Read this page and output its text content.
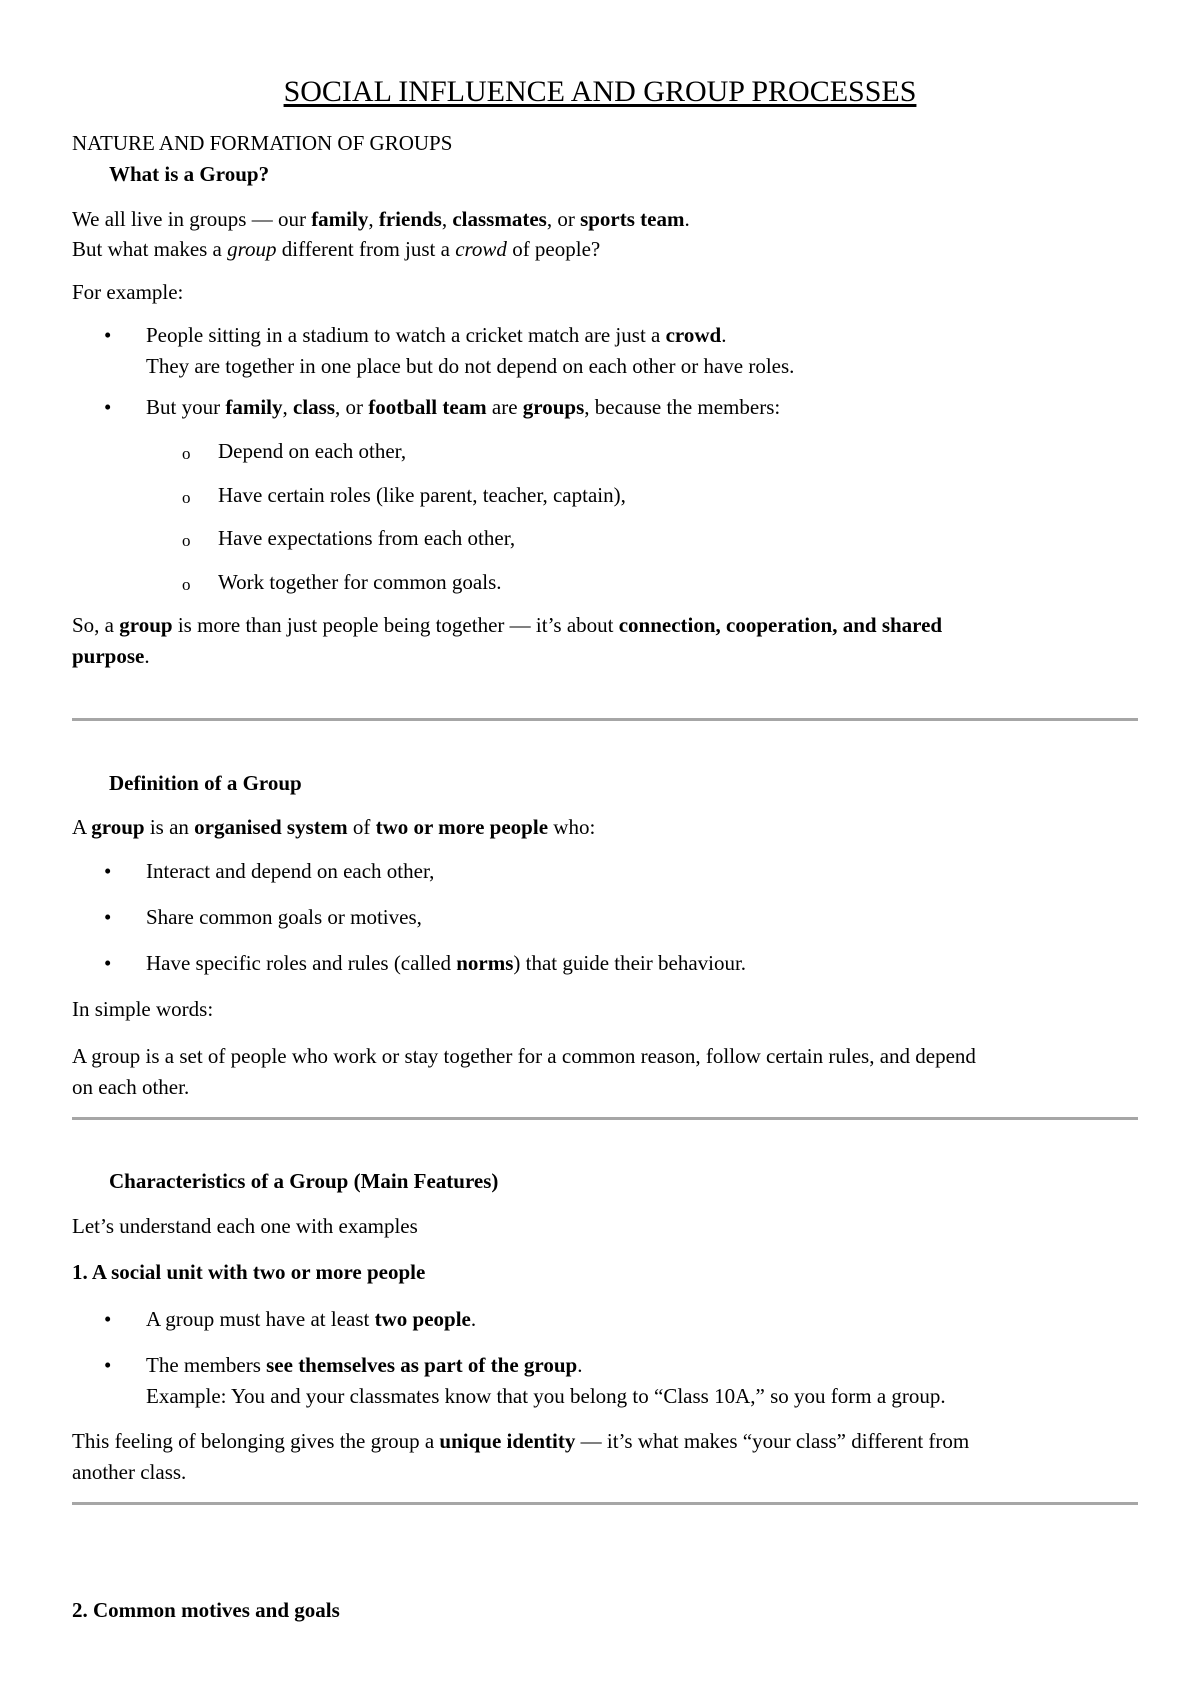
SOCIAL INFLUENCE AND GROUP PROCESSES
NATURE AND FORMATION OF GROUPS
What is a Group?
We all live in groups — our family, friends, classmates, or sports team.
But what makes a group different from just a crowd of people?
For example:
• People sitting in a stadium to watch a cricket match are just a crowd.
They are together in one place but do not depend on each other or have roles.
• But your family, class, or football team are groups, because the members:
o Depend on each other,
o Have certain roles (like parent, teacher, captain),
o Have expectations from each other,
o Work together for common goals.
So, a group is more than just people being together — it’s about connection, cooperation, and shared
purpose.
Definition of a Group
A group is an organised system of two or more people who:
• Interact and depend on each other,
• Share common goals or motives,
• Have specific roles and rules (called norms) that guide their behaviour.
In simple words:
A group is a set of people who work or stay together for a common reason, follow certain rules, and depend
on each other.
Characteristics of a Group (Main Features)
Let’s understand each one with examples
1. A social unit with two or more people
• A group must have at least two people.
• The members see themselves as part of the group.
Example: You and your classmates know that you belong to “Class 10A,” so you form a group.
This feeling of belonging gives the group a unique identity — it’s what makes “your class” different from
another class.
2. Common motives and goals
